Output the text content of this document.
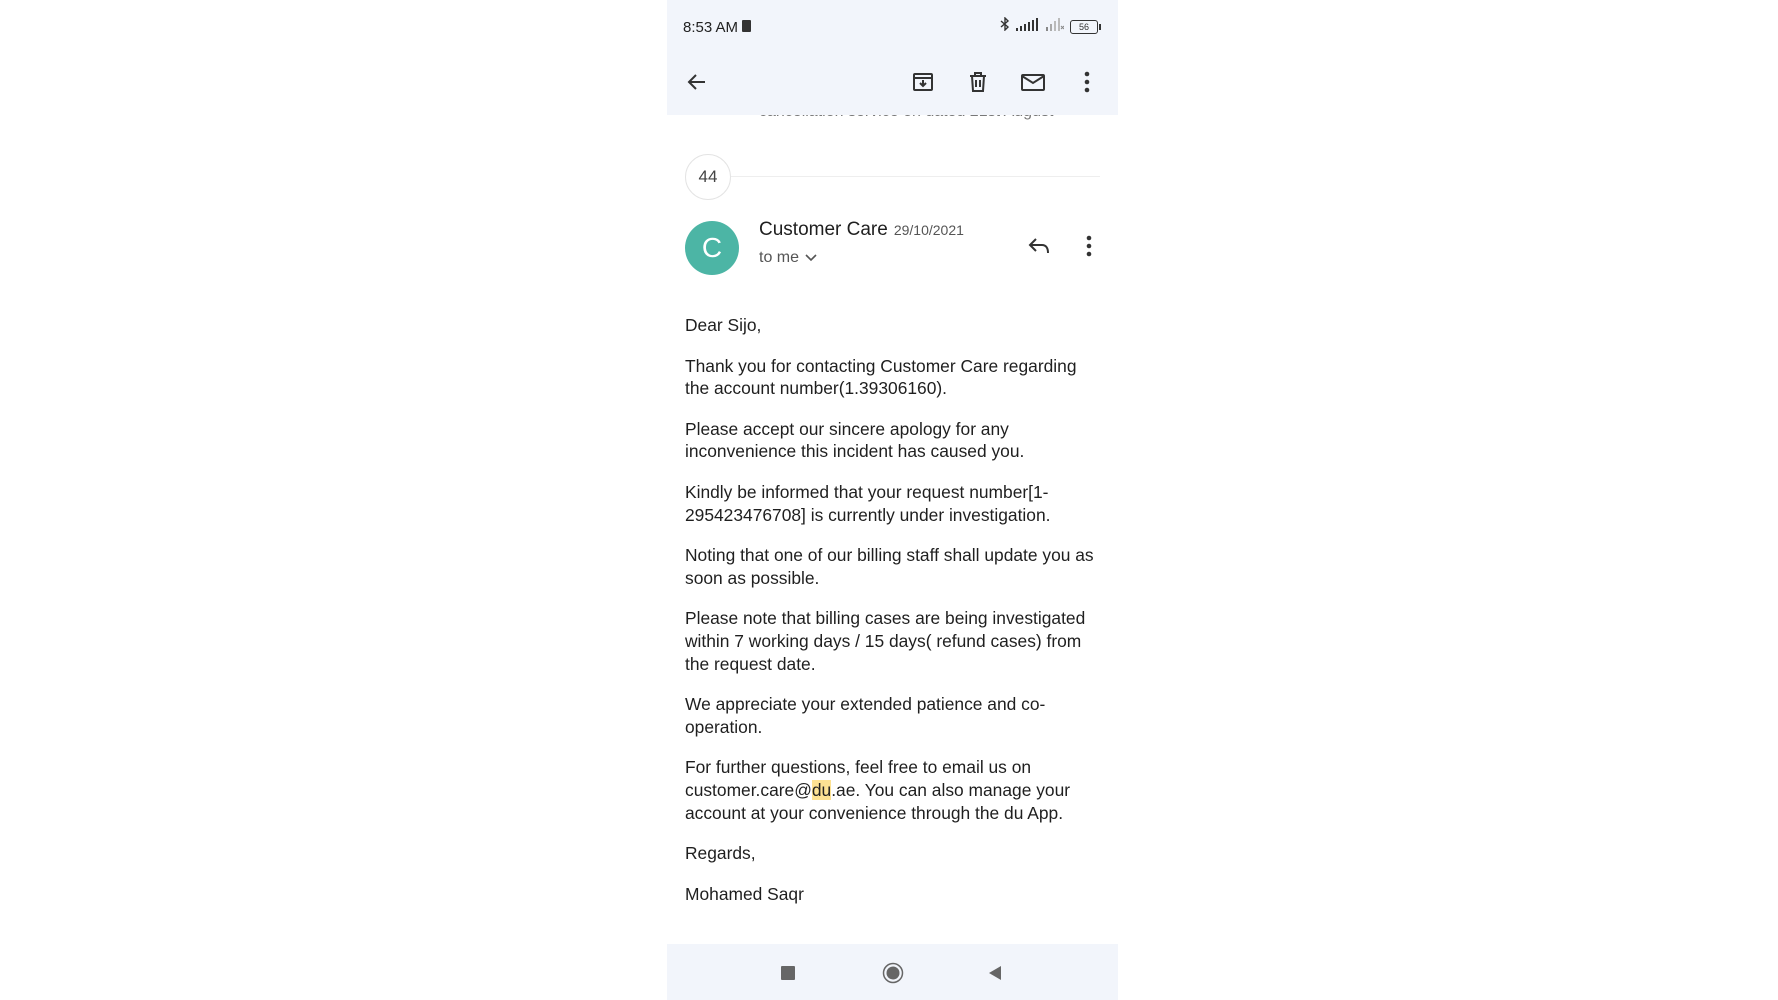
8:53 AM	56
44
C
Customer Care 29/10/2021
to me

Dear Sijo,

Thank you for contacting Customer Care regarding the account number(1.39306160).

Please accept our sincere apology for any inconvenience this incident has caused you.

Kindly be informed that your request number[1-295423476708] is currently under investigation.

Noting that one of our billing staff shall update you as soon as possible.

Please note that billing cases are being investigated within 7 working days / 15 days( refund cases) from the request date.

We appreciate your extended patience and co-operation.

For further questions, feel free to email us on customer.care@du.ae. You can also manage your account at your convenience through the du App.

Regards,

Mohamed Saqr
